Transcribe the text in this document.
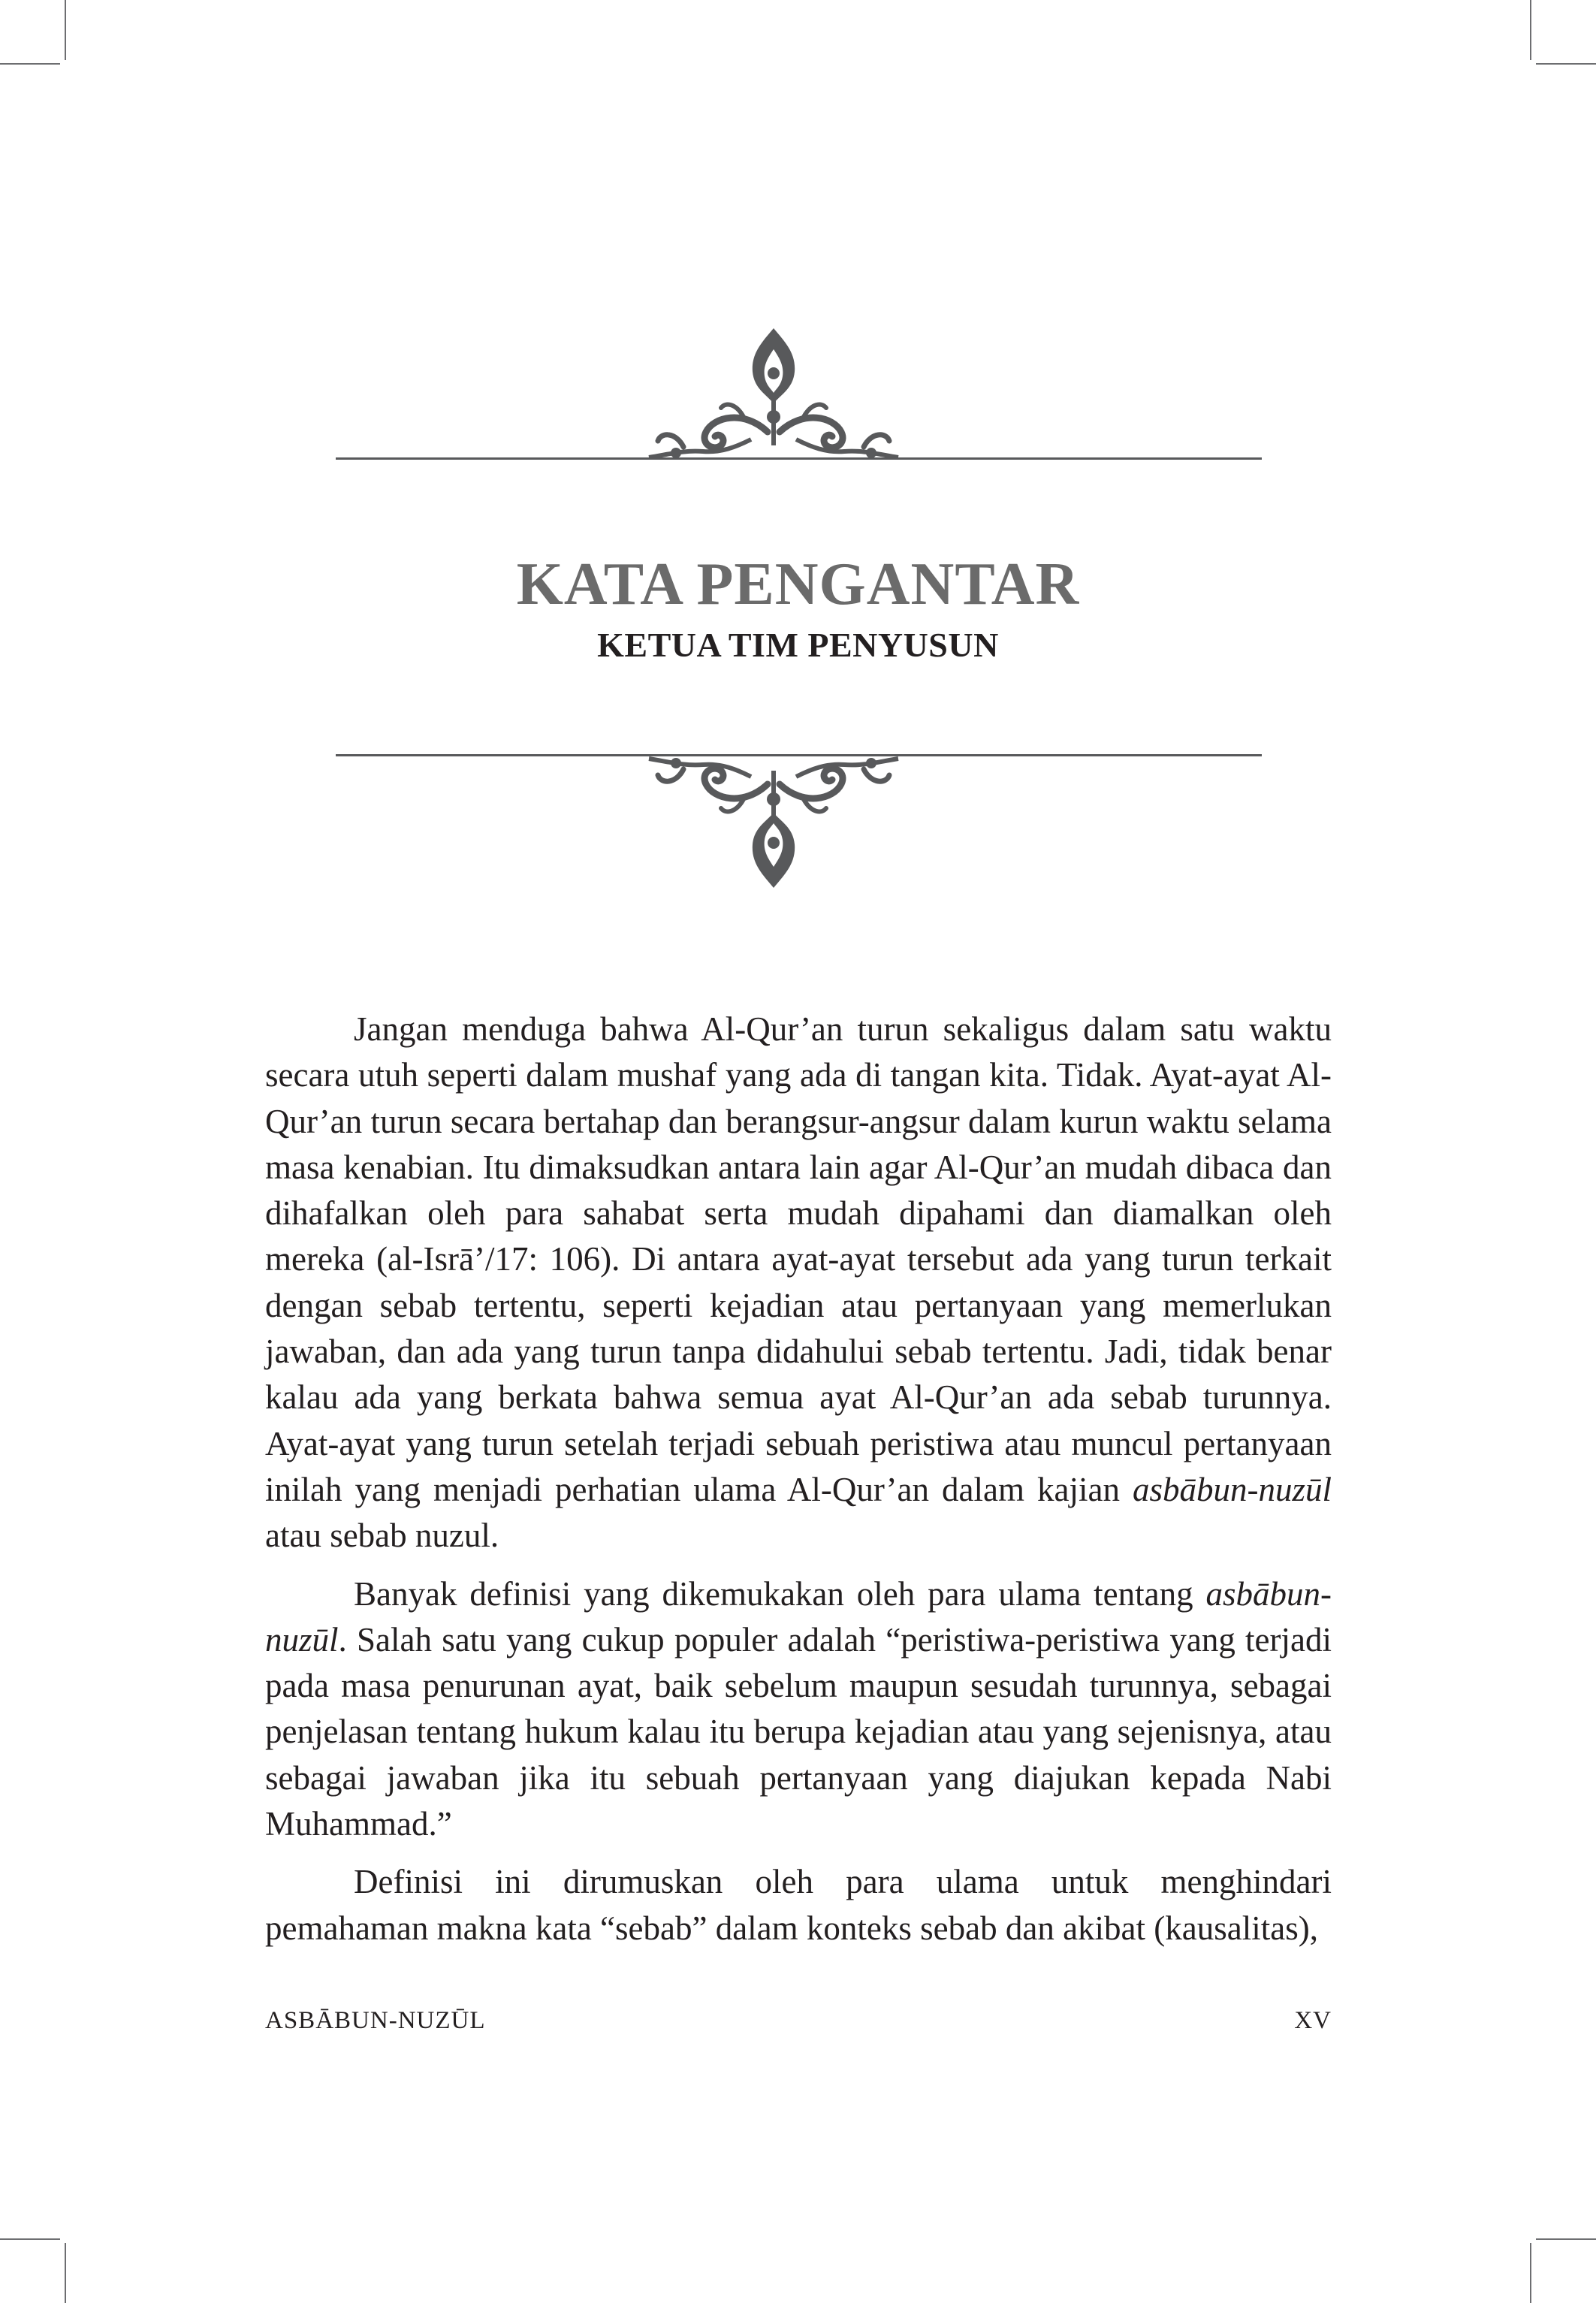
KATA PENGANTAR
KETUA TIM PENYUSUN

Jangan menduga bahwa Al-Qur’an turun sekaligus dalam satu waktu secara utuh seperti dalam mushaf yang ada di tangan kita. Tidak. Ayat-ayat Al-Qur’an turun secara bertahap dan berangsur-angsur dalam kurun waktu selama masa kenabian. Itu dimaksudkan antara lain agar Al-Qur’an mudah dibaca dan dihafalkan oleh para sahabat serta mudah dipahami dan diamalkan oleh mereka (al-Isrā’/17: 106). Di antara ayat-ayat tersebut ada yang turun terkait dengan sebab tertentu, seperti kejadian atau pertanyaan yang memerlukan jawaban, dan ada yang turun tanpa didahului sebab tertentu. Jadi, tidak benar kalau ada yang berkata bahwa semua ayat Al-Qur’an ada sebab turunnya. Ayat-ayat yang turun setelah terjadi sebuah peristiwa atau muncul pertanyaan inilah yang menjadi perhatian ulama Al-Qur’an dalam kajian asbābun-nuzūl atau sebab nuzul.

Banyak definisi yang dikemukakan oleh para ulama tentang asbābun-nuzūl. Salah satu yang cukup populer adalah “peristiwa-peristiwa yang terjadi pada masa penurunan ayat, baik sebelum maupun sesudah turunnya, sebagai penjelasan tentang hukum kalau itu berupa kejadian atau yang sejenisnya, atau sebagai jawaban jika itu sebuah pertanyaan yang diajukan kepada Nabi Muhammad.”

Definisi ini dirumuskan oleh para ulama untuk menghindari pemahaman makna kata “sebab” dalam konteks sebab dan akibat (kausalitas),

ASBĀBUN-NUZŪL	XV
